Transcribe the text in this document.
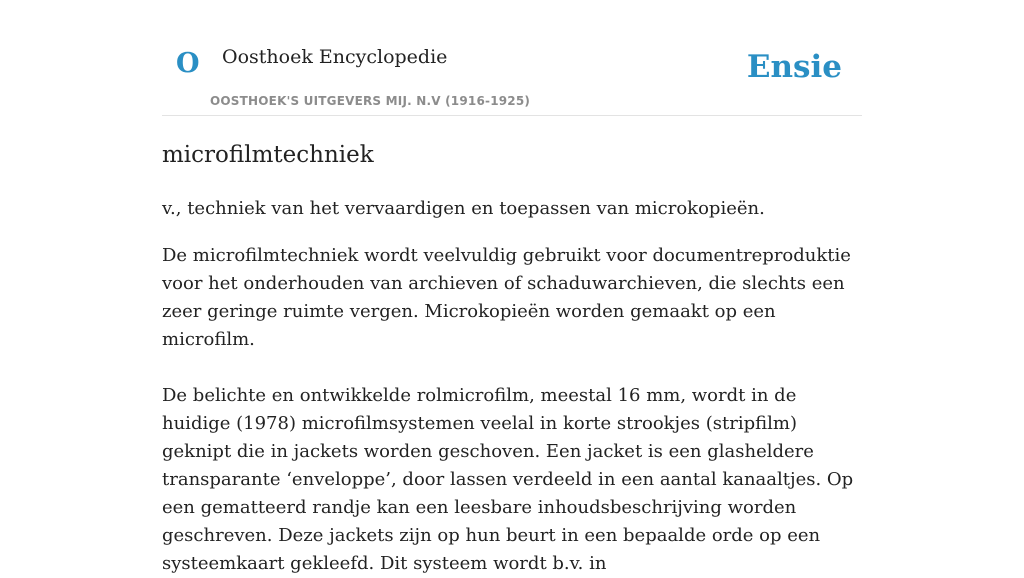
O Oosthoek Encyclopedie
OOSTHOEK'S UITGEVERS MIJ. N.V (1916-1925)
Ensie
microfilmtechniek

v., techniek van het vervaardigen en toepassen van microkopieën.

De microfilmtechniek wordt veelvuldig gebruikt voor documentreproduktie voor het onderhouden van archieven of schaduwarchieven, die slechts een zeer geringe ruimte vergen. Microkopieën worden gemaakt op een microfilm.

De belichte en ontwikkelde rolmicrofilm, meestal 16 mm, wordt in de huidige (1978) microfilmsystemen veelal in korte strookjes (stripfilm) geknipt die in jackets worden geschoven. Een jacket is een glasheldere transparante ‘enveloppe’, door lassen verdeeld in een aantal kanaaltjes. Op een gematteerd randje kan een leesbare inhoudsbeschrijving worden geschreven. Deze jackets zijn op hun beurt in een bepaalde orde op een systeemkaart gekleefd. Dit systeem wordt b.v. in
